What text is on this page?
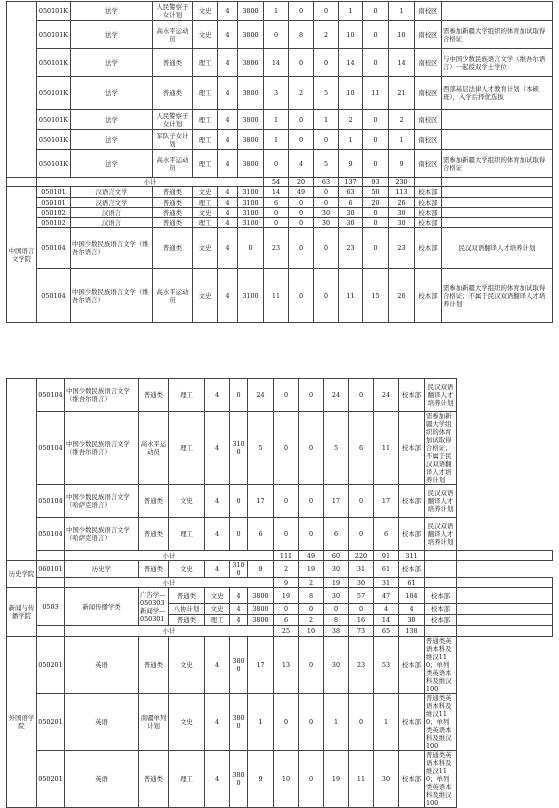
	050101K	法学	人民警察子女计划	文史	4	3800	1	0	0	1	0	1	南校区	
	050101K	法学	高水平运动员	文史	4	3800	0	8	2	10	0	10	南校区	需参加新疆大学组织的体育加试取得合格证
	050101K	法学	普通类	理工	4	3800	14	0	0	14	0	14	南校区	与中国少数民族语言文学（维吾尔语言）一起授双学士学位
	050101K	法学	普通类	理工	4	3800	3	2	5	10	11	21	南校区	西部基层法律人才教育计划（本硕班），入学后择优选拔
	050101K	法学	人民警察子女计划	理工	4	3800	1	0	1	2	0	2	南校区	
	050101K	法学	军队子女计划	理工	4	3800	1	0	0	1	0	1	南校区	
	050101K	法学	高水平运动员	理工	4	3800	0	4	5	9	0	9	南校区	需参加新疆大学组织的体育加试取得合格证
	小计						54	20	63	137	93	230		
中国语言文学院	050101	汉语言文学	普通类	文史	4	3100	14	49	0	63	50	113	校本部	
	050101	汉语言文学	普通类	理工	4	3100	6	0	0	6	20	26	校本部	
	050102	汉语言	普通类	文史	4	3100	0	0	30	30	0	30	校本部	
	050102	汉语言	普通类	理工	4	3100	0	0	30	30	0	30	校本部	
	050104	中国少数民族语言文学（维吾尔语言）	普通类	文史	4	0	23	0	0	23	0	23	校本部	民汉双语翻译人才培养计划
	050104	中国少数民族语言文学（维吾尔语言）	高水平运动员	文史	4	3100	11	0	0	11	15	26	校本部	需参加新疆大学组织的体育加试取得合格证；不属于民汉双语翻译人才培养计划
	050104	中国少数民族语言文学（维吾尔语言）	普通类	理工	4	0	24	0	0	24	0	24	校本部	民汉双语翻译人才培养计划	
	050104	中国少数民族语言文学（维吾尔语言）	高水平运动员	理工	4	3100	5	0	0	5	6	11	校本部	需参加新疆大学组织的体育加试取得合格证；不属于民汉双语翻译人才培养计划	
	050104	中国少数民族语言文学（哈萨克语言）	普通类	文史	4	0	17	0	0	17	0	17	校本部	民汉双语翻译人才培养计划	
	050104	中国少数民族语言文学（哈萨克语言）	普通类	理工	4	0	6	0	0	6	0	6	校本部	民汉双语翻译人才培养计划	
		小计						111	49	60	220	91	311		
历史学院	060101	历史学	普通类	文史	4	3100	9	2	19	30	31	61	校本部		
		小计						9	2	19	30	31	61		
新闻与传播学院	0503	新闻传播学类	广告学—050303新闻学—050301	普通类	文史	4	3800	19	8	30	57	47	104	校本部	
				八协计划	文史	4	3800	0	0	0	0	4	4	校本部	
				普通类	理工	4	3800	6	2	8	16	14	30	校本部	
		小计						25	10	38	73	65	138		
外国语学院	050201	英语	普通类	文史	4	3800	17	13	0	30	23	53	校本部	普通类英语本科及维汉110；单列类英语本科及维汉100	
	050201	英语	南疆单列计划	文史	4	3800	1	0	0	1	0	1	校本部	普通类英语本科及维汉110；单列类英语本科及维汉100	
	050201	英语	普通类	理工	4	3800	9	10	0	19	11	30	校本部	普通类英语本科及维汉110；单列类英语本科及维汉100	
